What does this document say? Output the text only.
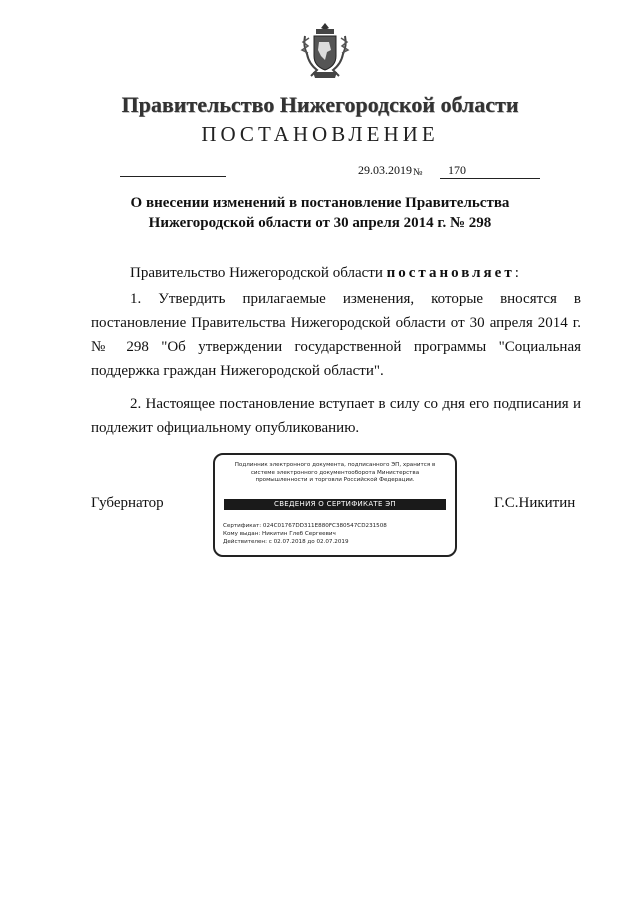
Правительство Нижегородской области
ПОСТАНОВЛЕНИЕ
29.03.2019 №	170
О внесении изменений в постановление Правительства
Нижегородской области от 30 апреля 2014 г. № 298
Правительство Нижегородской области постановляет:
1. Утвердить прилагаемые изменения, которые вносятся в постановление Правительства Нижегородской области от 30 апреля 2014 г. № 298 "Об утверждении государственной программы "Социальная поддержка граждан Нижегородской области".
2. Настоящее постановление вступает в силу со дня его подписания и подлежит официальному опубликованию.
Губернатор	Г.С.Никитин
Подлинник электронного документа, подписанного ЭП, хранится в системе электронного документооборота Министерства промышленности и торговли Российской Федерации.
СВЕДЕНИЯ О СЕРТИФИКАТЕ ЭП
Сертификат: 024C01767DD311E880FC380547CD231508
Кому выдан: Никитин Глеб Сергеевич
Действителен: с 02.07.2018 до 02.07.2019
